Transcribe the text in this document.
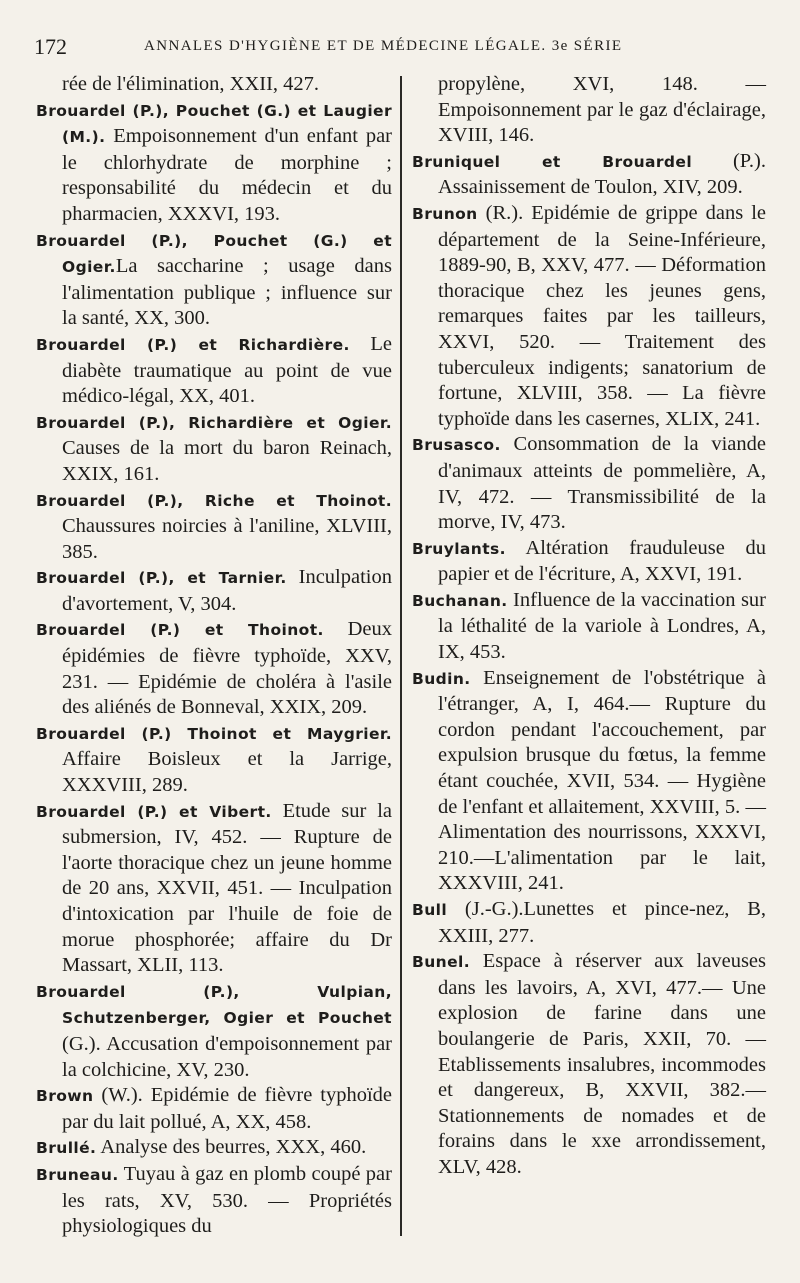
172	ANNALES D'HYGIÈNE ET DE MÉDECINE LÉGALE. 3e SÉRIE

rée de l'élimination, XXII, 427.

Brouardel (P.), Pouchet (G.) et Laugier (M.). Empoisonnement d'un enfant par le chlorhydrate de morphine ; responsabilité du médecin et du pharmacien, XXXVI, 193.

Brouardel (P.), Pouchet (G.) et Ogier.La saccharine ; usage dans l'alimentation publique ; influence sur la santé, XX, 300.

Brouardel (P.) et Richardière. Le diabète traumatique au point de vue médico-légal, XX, 401.

Brouardel (P.), Richardière et Ogier. Causes de la mort du baron Reinach, XXIX, 161.

Brouardel (P.), Riche et Thoinot. Chaussures noircies à l'aniline, XLVIII, 385.

Brouardel (P.), et Tarnier. Inculpation d'avortement, V, 304.

Brouardel (P.) et Thoinot. Deux épidémies de fièvre typhoïde, XXV, 231. — Epidémie de choléra à l'asile des aliénés de Bonneval, XXIX, 209.

Brouardel (P.) Thoinot et Maygrier. Affaire Boisleux et la Jarrige, XXXVIII, 289.

Brouardel (P.) et Vibert. Etude sur la submersion, IV, 452. — Rupture de l'aorte thoracique chez un jeune homme de 20 ans, XXVII, 451. — Inculpation d'intoxication par l'huile de foie de morue phosphorée; affaire du Dr Massart, XLII, 113.

Brouardel (P.), Vulpian, Schutzenberger, Ogier et Pouchet (G.). Accusation d'empoisonnement par la colchicine, XV, 230.

Brown (W.). Epidémie de fièvre typhoïde par du lait pollué, A, XX, 458.

Brullé. Analyse des beurres, XXX, 460.

Bruneau. Tuyau à gaz en plomb coupé par les rats, XV, 530. — Propriétés physiologiques du

propylène, XVI, 148. — Empoisonnement par le gaz d'éclairage, XVIII, 146.

Bruniquel et Brouardel (P.). Assainissement de Toulon, XIV, 209.

Brunon (R.). Epidémie de grippe dans le département de la Seine-Inférieure, 1889-90, B, XXV, 477. — Déformation thoracique chez les jeunes gens, remarques faites par les tailleurs, XXVI, 520. — Traitement des tuberculeux indigents; sanatorium de fortune, XLVIII, 358. — La fièvre typhoïde dans les casernes, XLIX, 241.

Brusasco. Consommation de la viande d'animaux atteints de pommelière, A, IV, 472. — Transmissibilité de la morve, IV, 473.

Bruylants. Altération frauduleuse du papier et de l'écriture, A, XXVI, 191.

Buchanan. Influence de la vaccination sur la léthalité de la variole à Londres, A, IX, 453.

Budin. Enseignement de l'obstétrique à l'étranger, A, I, 464.— Rupture du cordon pendant l'accouchement, par expulsion brusque du fœtus, la femme étant couchée, XVII, 534. — Hygiène de l'enfant et allaitement, XXVIII, 5. — Alimentation des nourrissons, XXXVI, 210.—L'alimentation par le lait, XXXVIII, 241.

Bull (J.-G.).Lunettes et pince-nez, B, XXIII, 277.

Bunel. Espace à réserver aux laveuses dans les lavoirs, A, XVI, 477.— Une explosion de farine dans une boulangerie de Paris, XXII, 70. — Etablissements insalubres, incommodes et dangereux, B, XXVII, 382.— Stationnements de nomades et de forains dans le xxe arrondissement, XLV, 428.
